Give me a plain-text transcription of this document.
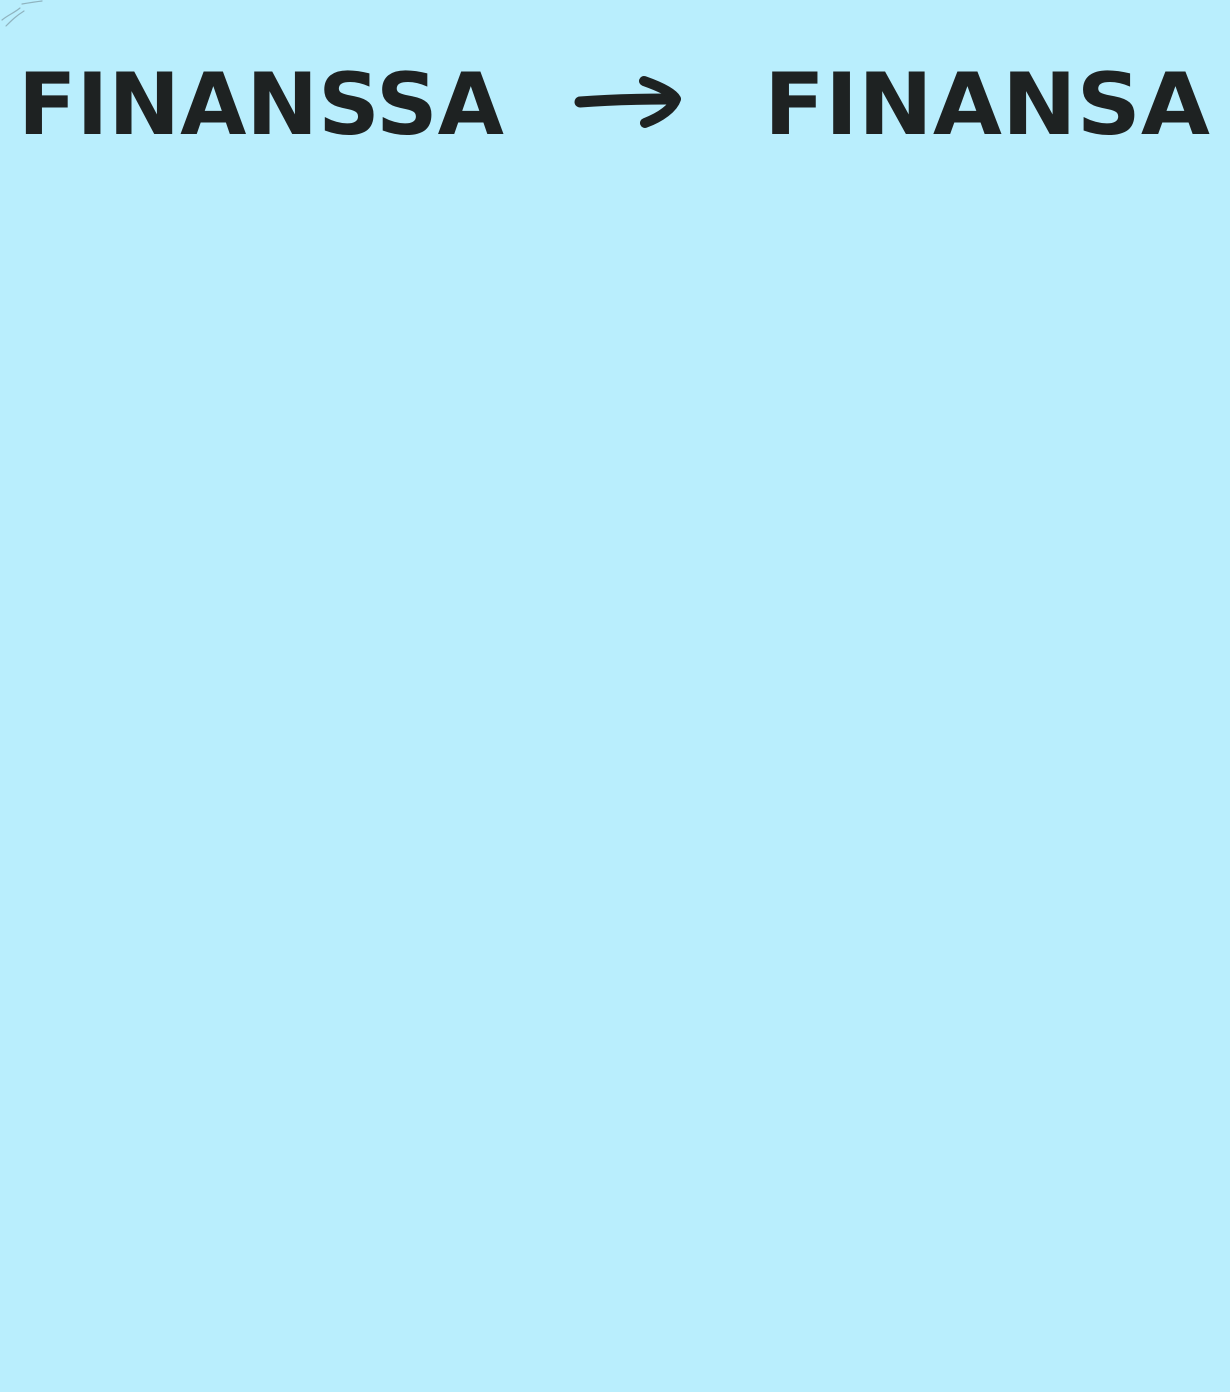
FINANSSA	FINANSA
